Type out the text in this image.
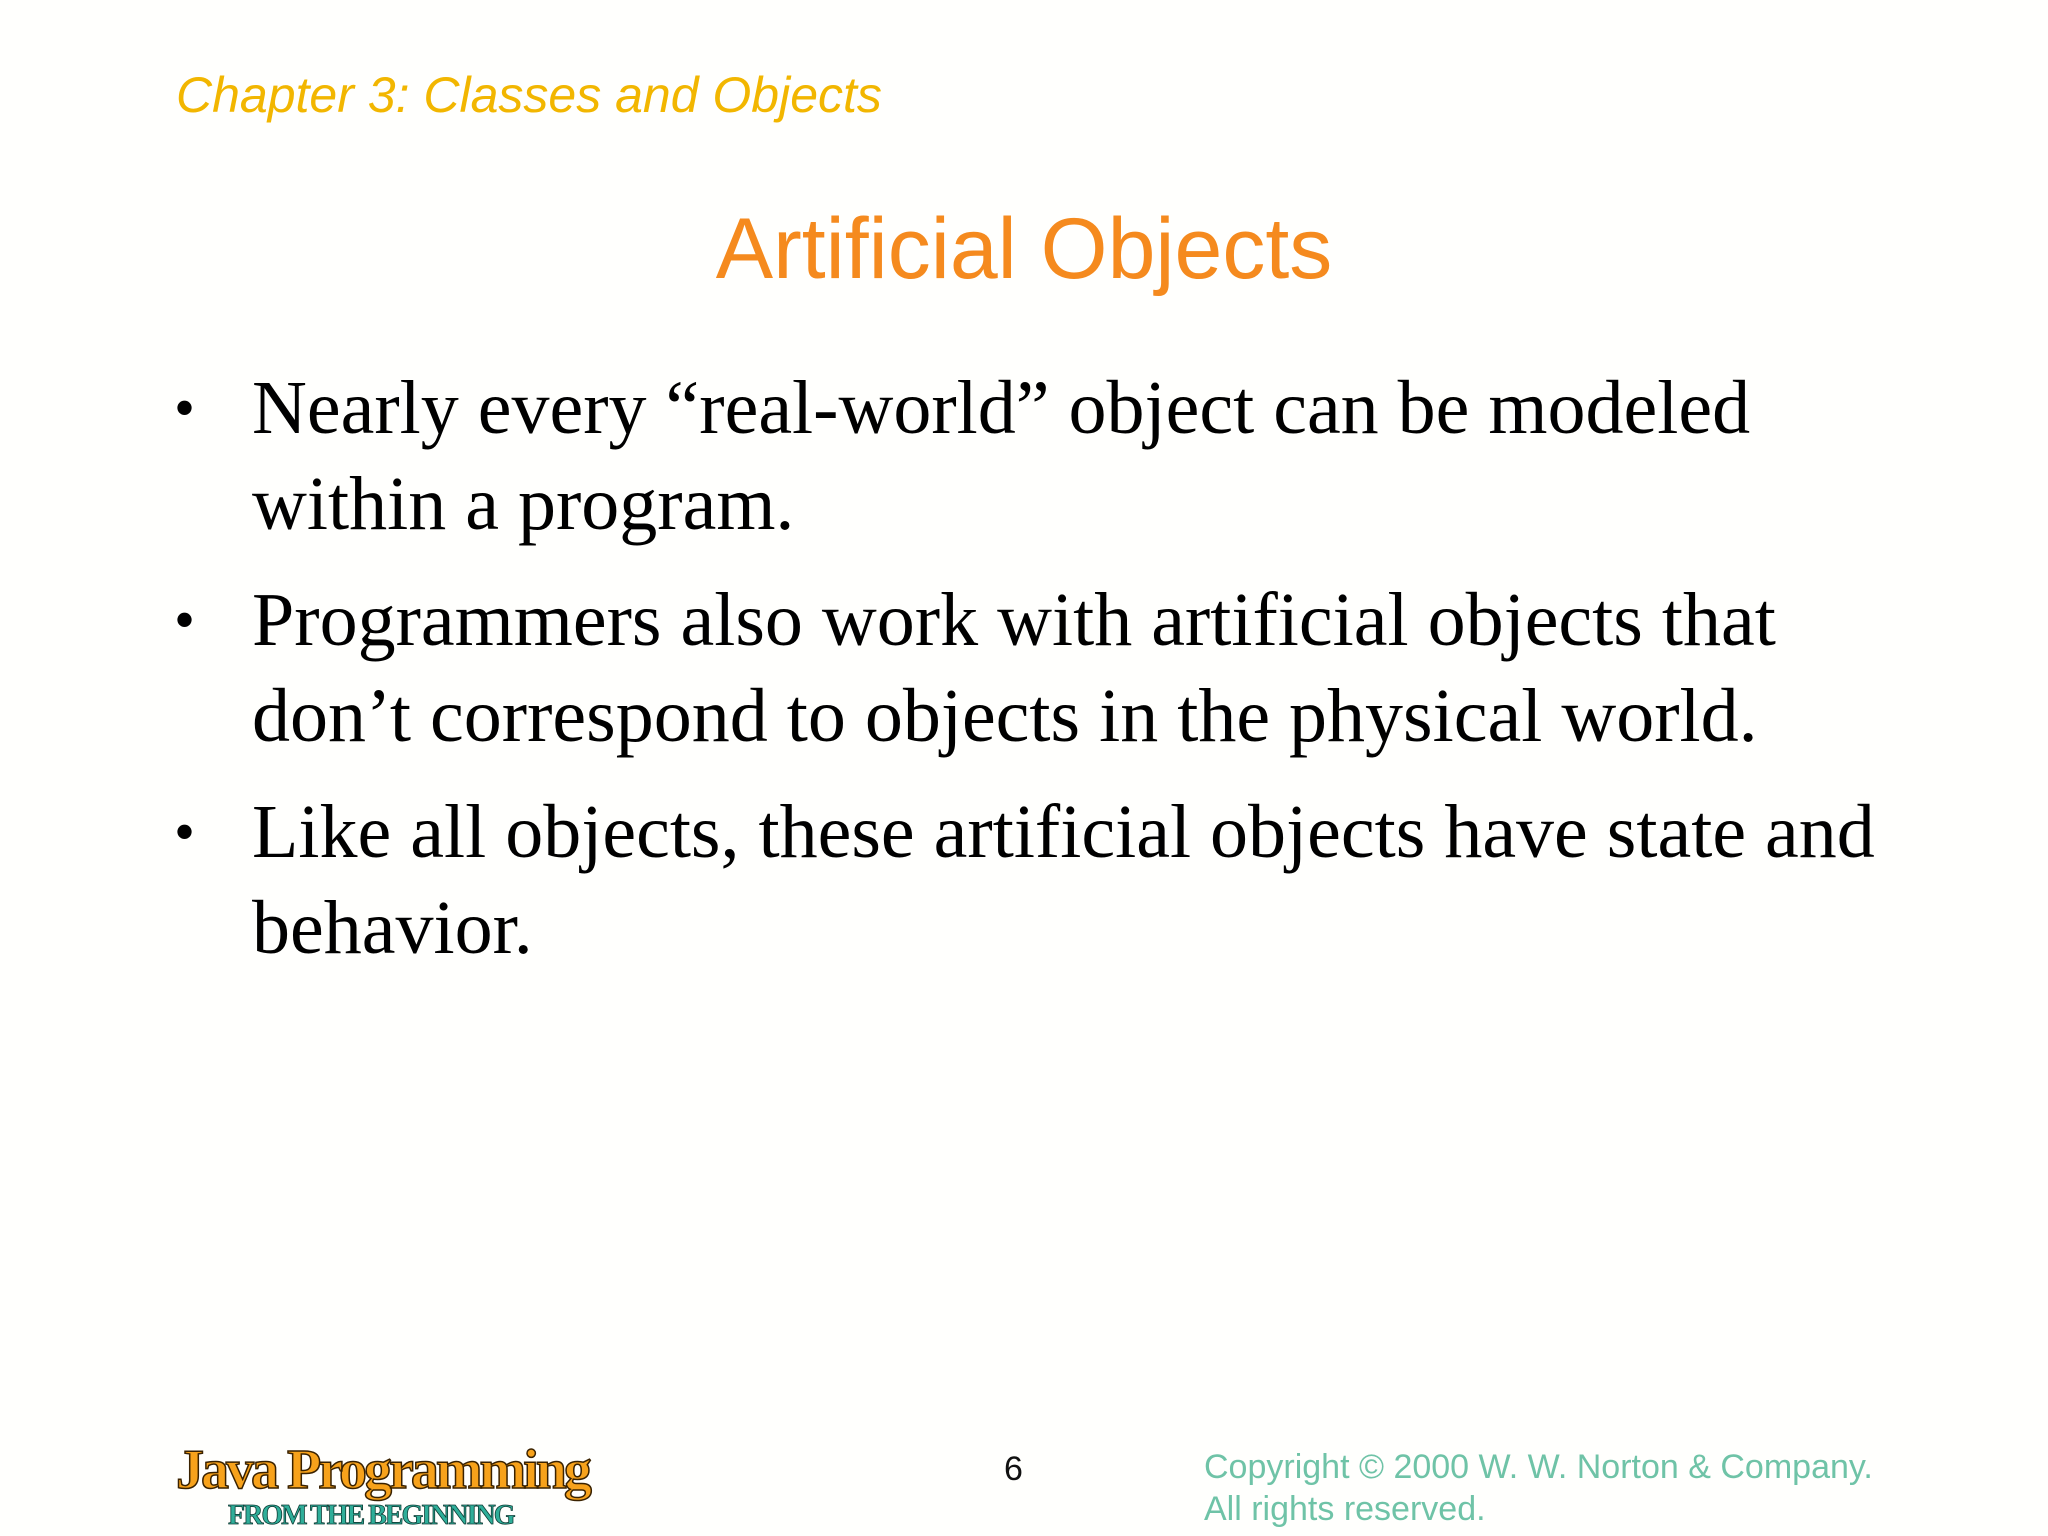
Chapter 3: Classes and Objects
Artificial Objects
• Nearly every “real-world” object can be modeled within a program.
• Programmers also work with artificial objects that don’t correspond to objects in the physical world.
• Like all objects, these artificial objects have state and behavior.
Java Programming
FROM THE BEGINNING
6	Copyright © 2000 W. W. Norton & Company.
All rights reserved.
